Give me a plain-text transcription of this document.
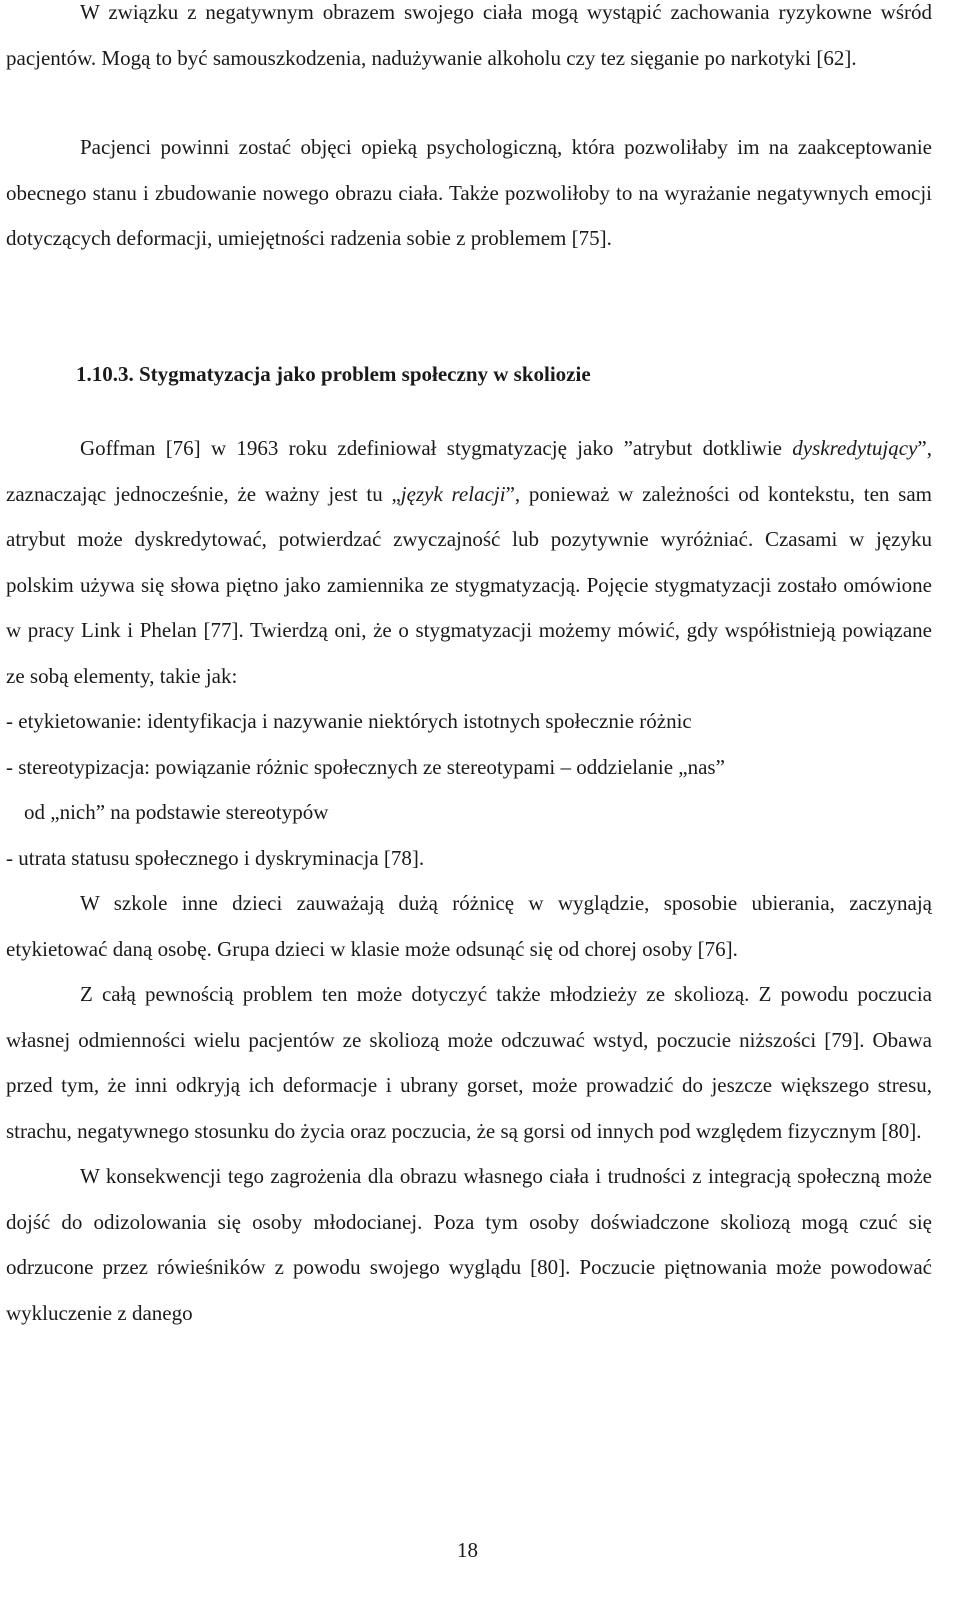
W związku z negatywnym obrazem swojego ciała mogą wystąpić zachowania ryzykowne wśród pacjentów. Mogą to być samouszkodzenia, nadużywanie alkoholu czy tez sięganie po narkotyki [62].

Pacjenci powinni zostać objęci opieką psychologiczną, która pozwoliłaby im na zaakceptowanie obecnego stanu i zbudowanie nowego obrazu ciała. Także pozwoliłoby to na wyrażanie negatywnych emocji dotyczących deformacji, umiejętności radzenia sobie z problemem [75].

1.10.3. Stygmatyzacja jako problem społeczny w skoliozie

Goffman [76] w 1963 roku zdefiniował stygmatyzację jako ”atrybut dotkliwie dyskredytujący”, zaznaczając jednocześnie, że ważny jest tu „język relacji”, ponieważ w zależności od kontekstu, ten sam atrybut może dyskredytować, potwierdzać zwyczajność lub pozytywnie wyróżniać. Czasami w języku polskim używa się słowa piętno jako zamiennika ze stygmatyzacją. Pojęcie stygmatyzacji zostało omówione w pracy Link i Phelan [77]. Twierdzą oni, że o stygmatyzacji możemy mówić, gdy współistnieją powiązane ze sobą elementy, takie jak:

- etykietowanie: identyfikacja i nazywanie niektórych istotnych społecznie różnic

- stereotypizacja: powiązanie różnic społecznych ze stereotypami – oddzielanie „nas”

od „nich” na podstawie stereotypów

- utrata statusu społecznego i dyskryminacja [78].

W szkole inne dzieci zauważają dużą różnicę w wyglądzie, sposobie ubierania, zaczynają etykietować daną osobę. Grupa dzieci w klasie może odsunąć się od chorej osoby [76].

Z całą pewnością problem ten może dotyczyć także młodzieży ze skoliozą. Z powodu poczucia własnej odmienności wielu pacjentów ze skoliozą może odczuwać wstyd, poczucie niższości [79]. Obawa przed tym, że inni odkryją ich deformacje i ubrany gorset, może prowadzić do jeszcze większego stresu, strachu, negatywnego stosunku do życia oraz poczucia, że są gorsi od innych pod względem fizycznym [80].

W konsekwencji tego zagrożenia dla obrazu własnego ciała i trudności z integracją społeczną może dojść do odizolowania się osoby młodocianej. Poza tym osoby doświadczone skoliozą mogą czuć się odrzucone przez rówieśników z powodu swojego wyglądu [80]. Poczucie piętnowania może powodować wykluczenie z danego

18
